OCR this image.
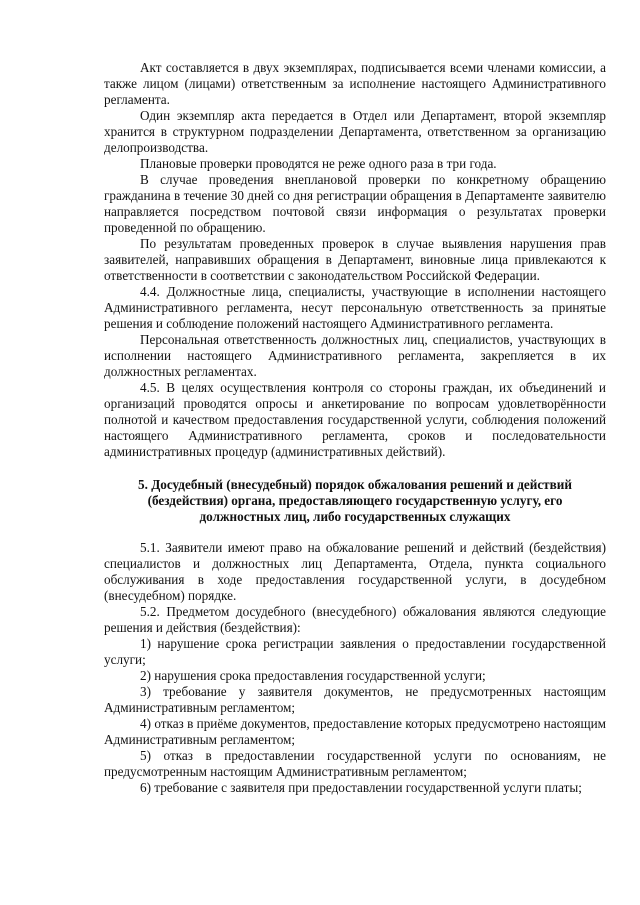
Акт составляется в двух экземплярах, подписывается всеми членами комиссии, а также лицом (лицами) ответственным за исполнение настоящего Административного регламента.

Один экземпляр акта передается в Отдел или Департамент, второй экземпляр хранится в структурном подразделении Департамента, ответственном за организацию делопроизводства.

Плановые проверки проводятся не реже одного раза в три года.

В случае проведения внеплановой проверки по конкретному обращению гражданина в течение 30 дней со дня регистрации обращения в Департаменте заявителю направляется посредством почтовой связи информация о результатах проверки проведенной по обращению.

По результатам проведенных проверок в случае выявления нарушения прав заявителей, направивших обращения в Департамент, виновные лица привлекаются к ответственности в соответствии с законодательством Российской Федерации.

4.4. Должностные лица, специалисты, участвующие в исполнении настоящего Административного регламента, несут персональную ответственность за принятые решения и соблюдение положений настоящего Административного регламента.

Персональная ответственность должностных лиц, специалистов, участвующих в исполнении настоящего Административного регламента, закрепляется в их должностных регламентах.

4.5. В целях осуществления контроля со стороны граждан, их объединений и организаций проводятся опросы и анкетирование по вопросам удовлетворённости полнотой и качеством предоставления государственной услуги, соблюдения положений настоящего Административного регламента, сроков и последовательности административных процедур (административных действий).

5. Досудебный (внесудебный) порядок обжалования решений и действий
(бездействия) органа, предоставляющего государственную услугу, его
должностных лиц, либо государственных служащих

5.1. Заявители имеют право на обжалование решений и действий (бездействия) специалистов и должностных лиц Департамента, Отдела, пункта социального обслуживания в ходе предоставления государственной услуги, в досудебном (внесудебном) порядке.

5.2. Предметом досудебного (внесудебного) обжалования являются следующие решения и действия (бездействия):

1) нарушение срока регистрации заявления о предоставлении государственной услуги;

2) нарушения срока предоставления государственной услуги;

3) требование у заявителя документов, не предусмотренных настоящим Административным регламентом;

4) отказ в приёме документов, предоставление которых предусмотрено настоящим Административным регламентом;

5) отказ в предоставлении государственной услуги по основаниям, не предусмотренным настоящим Административным регламентом;

6) требование с заявителя при предоставлении государственной услуги платы;
